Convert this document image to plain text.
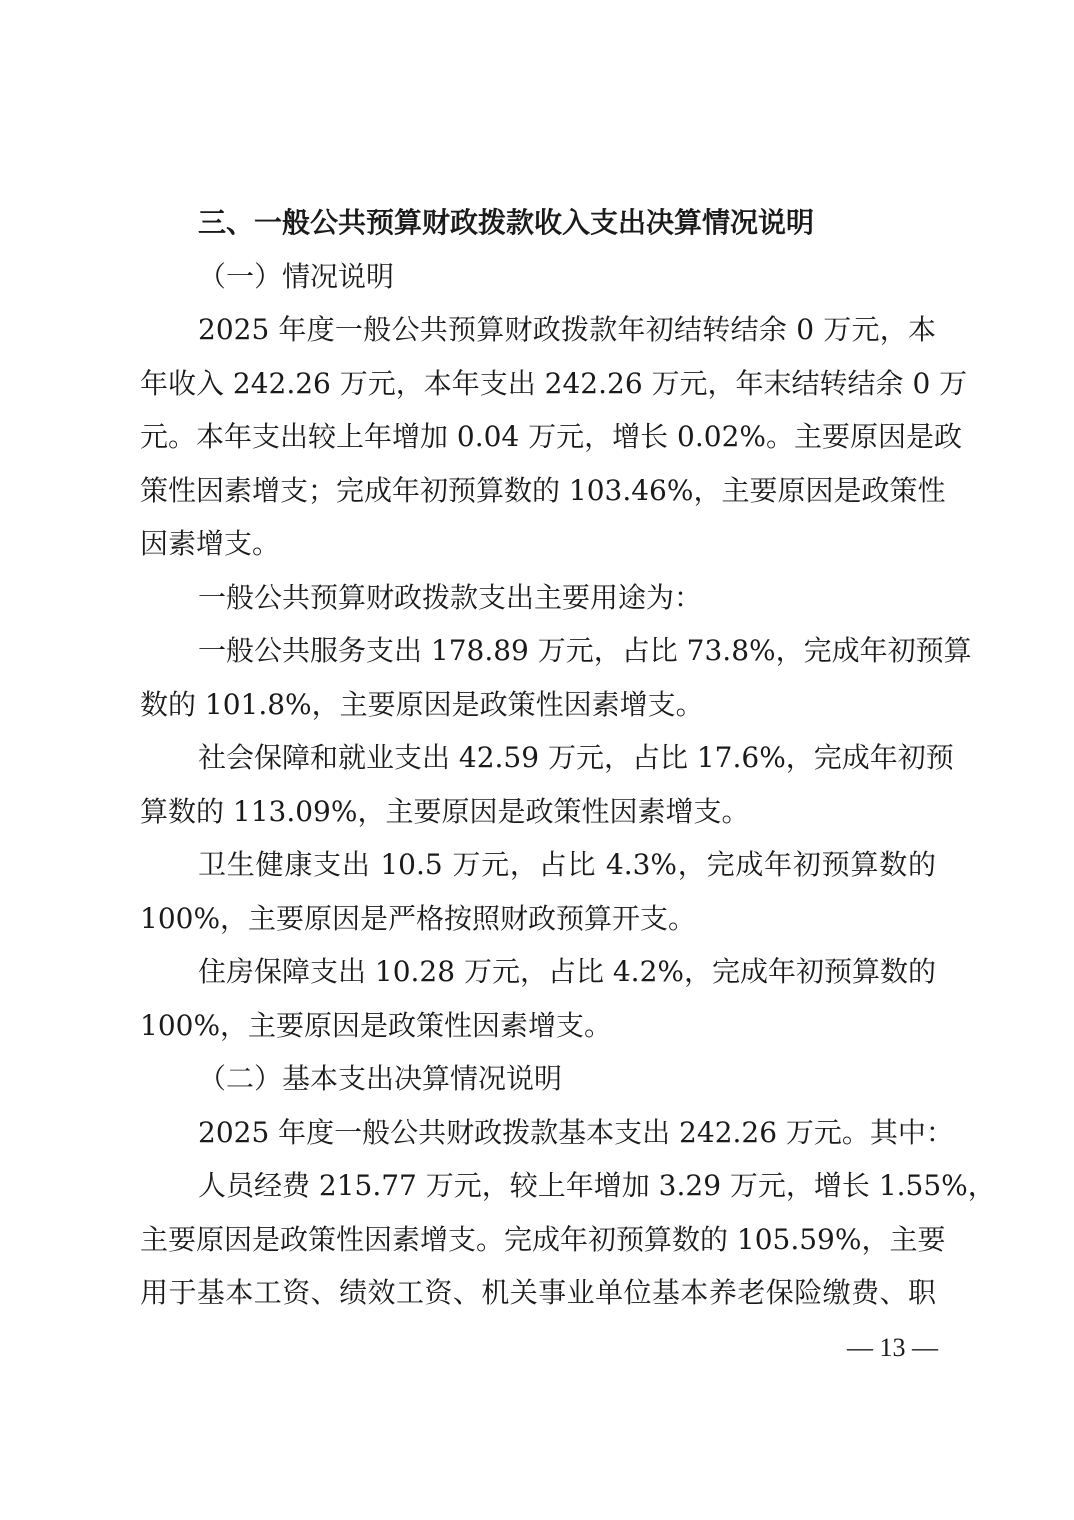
三、一般公共预算财政拨款收入支出决算情况说明
（一）情况说明
2025 年度一般公共预算财政拨款年初结转结余 0 万元，本
年收入 242.26 万元，本年支出 242.26 万元，年末结转结余 0 万
元。本年支出较上年增加 0.04 万元，增长 0.02%。主要原因是政
策性因素增支；完成年初预算数的 103.46%，主要原因是政策性
因素增支。
一般公共预算财政拨款支出主要用途为：
一般公共服务支出 178.89 万元，占比 73.8%，完成年初预算
数的 101.8%，主要原因是政策性因素增支。
社会保障和就业支出 42.59 万元，占比 17.6%，完成年初预
算数的 113.09%，主要原因是政策性因素增支。
卫生健康支出 10.5 万元，占比 4.3%，完成年初预算数的
100%，主要原因是严格按照财政预算开支。
住房保障支出 10.28 万元，占比 4.2%，完成年初预算数的
100%，主要原因是政策性因素增支。
（二）基本支出决算情况说明
2025 年度一般公共财政拨款基本支出 242.26 万元。其中：
人员经费 215.77 万元，较上年增加 3.29 万元，增长 1.55%，
主要原因是政策性因素增支。完成年初预算数的 105.59%，主要
用于基本工资、绩效工资、机关事业单位基本养老保险缴费、职
— 13 —
